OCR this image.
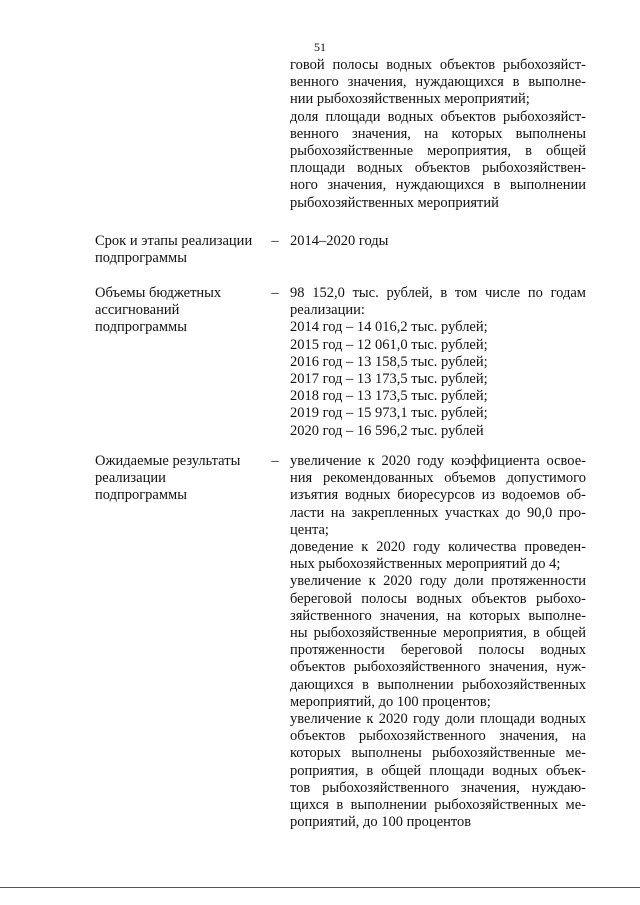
51
говой полосы водных объектов рыбохозяйст-
венного значения, нуждающихся в выполне-
нии рыбохозяйственных мероприятий;
доля площади водных объектов рыбохозяйст-
венного значения, на которых выполнены
рыбохозяйственные мероприятия, в общей
площади водных объектов рыбохозяйствен-
ного значения, нуждающихся в выполнении
рыбохозяйственных мероприятий
Срок и этапы реализации
подпрограммы
– 2014–2020 годы
Объемы бюджетных
ассигнований
подпрограммы
– 98 152,0 тыс. рублей, в том числе по годам
реализации:
2014 год – 14 016,2 тыс. рублей;
2015 год – 12 061,0 тыс. рублей;
2016 год – 13 158,5 тыс. рублей;
2017 год – 13 173,5 тыс. рублей;
2018 год – 13 173,5 тыс. рублей;
2019 год – 15 973,1 тыс. рублей;
2020 год – 16 596,2 тыс. рублей
Ожидаемые результаты
реализации
подпрограммы
– увеличение к 2020 году коэффициента освое-
ния рекомендованных объемов допустимого
изъятия водных биоресурсов из водоемов об-
ласти на закрепленных участках до 90,0 про-
цента;
доведение к 2020 году количества проведен-
ных рыбохозяйственных мероприятий до 4;
увеличение к 2020 году доли протяженности
береговой полосы водных объектов рыбохо-
зяйственного значения, на которых выполне-
ны рыбохозяйственные мероприятия, в общей
протяженности береговой полосы водных
объектов рыбохозяйственного значения, нуж-
дающихся в выполнении рыбохозяйственных
мероприятий, до 100 процентов;
увеличение к 2020 году доли площади водных
объектов рыбохозяйственного значения, на
которых выполнены рыбохозяйственные ме-
роприятия, в общей площади водных объек-
тов рыбохозяйственного значения, нуждаю-
щихся в выполнении рыбохозяйственных ме-
роприятий, до 100 процентов
